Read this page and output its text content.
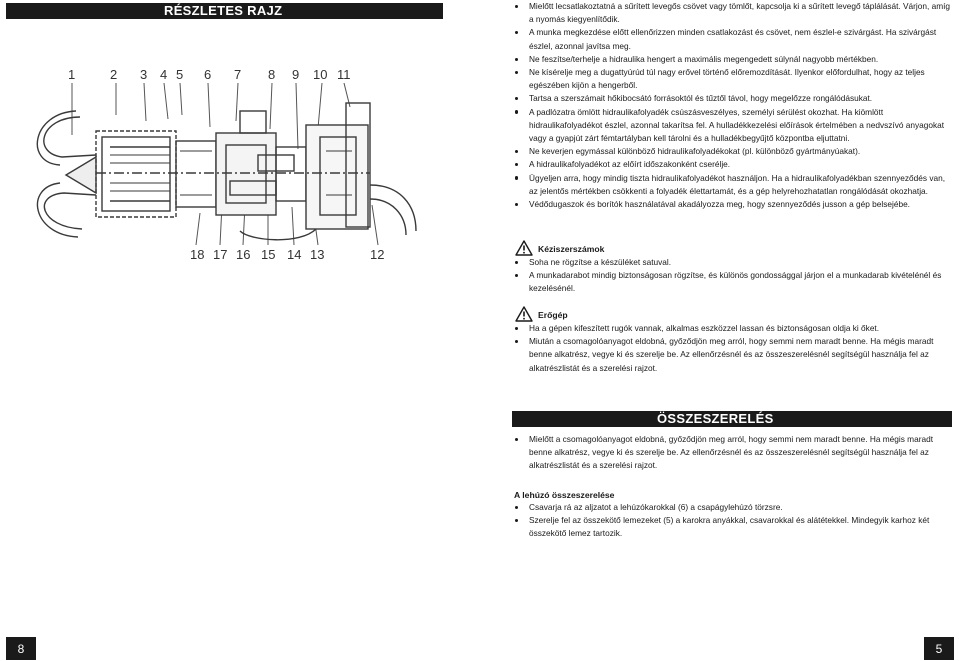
RÉSZLETES RAJZ
1	2 3 4 5 6 7 8 9 10 11
18 17 16 15 14 13	12
8
Mielőtt lecsatlakoztatná a sűrített levegős csövet vagy tömlőt, kapcsolja ki a sűrített levegő táplálását. Várjon, amíg a nyomás kiegyenlítődik.
A munka megkezdése előtt ellenőrizzen minden csatlakozást és csövet, nem észlel-e szivárgást. Ha szivárgást észlel, azonnal javítsa meg.
Ne feszítse/terhelje a hidraulika hengert a maximális megengedett súlynál nagyobb mértékben.
Ne kísérelje meg a dugattyúrúd túl nagy erővel történő előremozdítását. Ilyenkor előfordulhat, hogy az teljes egészében kijön a hengerből.
Tartsa a szerszámait hőkibocsátó forrásoktól és tűztől távol, hogy megelőzze rongálódásukat.
A padlózatra ömlött hidraulikafolyadék csúszásveszélyes, személyi sérülést okozhat. Ha kiömlött hidraulikafolyadékot észlel, azonnal takarítsa fel. A hulladékkezelési előírások értelmében a nedvszívó anyagokat vagy a gyapjút zárt fémtartályban kell tárolni és a hulladékbegyűjtő központba eljuttatni.
Ne keverjen egymással különböző hidraulikafolyadékokat (pl. különböző gyártmányúakat).
A hidraulikafolyadékot az előírt időszakonként cserélje.
Ügyeljen arra, hogy mindig tiszta hidraulikafolyadékot használjon. Ha a hidraulikafolyadékban szennyeződés van, az jelentős mértékben csökkenti a folyadék élettartamát, és a gép helyrehozhatatlan rongálódását okozhatja.
Védődugaszok és borítók használatával akadályozza meg, hogy szennyeződés jusson a gép belsejébe.
Kéziszerszámok
Soha ne rögzítse a készüléket satuval.
A munkadarabot mindig biztonságosan rögzítse, és különös gondossággal járjon el a munkadarab kivételénél és kezelésénél.
Erőgép
Ha a gépen kifeszített rugók vannak, alkalmas eszközzel lassan és biztonságosan oldja ki őket.
Miután a csomagolóanyagot eldobná, győződjön meg arról, hogy semmi nem maradt benne. Ha mégis maradt benne alkatrész, vegye ki és szerelje be. Az ellenőrzésnél és az összeszerelésnél segítségül használja fel az alkatrészlistát és a szerelési rajzot.
ÖSSZESZERELÉS
Mielőtt a csomagolóanyagot eldobná, győződjön meg arról, hogy semmi nem maradt benne. Ha mégis maradt benne alkatrész, vegye ki és szerelje be. Az ellenőrzésnél és az összeszerelésnél segítségül használja fel az alkatrészlistát és a szerelési rajzot.
A lehúzó összeszerelése
Csavarja rá az aljzatot a lehúzókarokkal (6) a csapágylehúzó törzsre.
Szerelje fel az összekötő lemezeket (5) a karokra anyákkal, csavarokkal és alátétekkel. Mindegyik karhoz két összekötő lemez tartozik.
5
